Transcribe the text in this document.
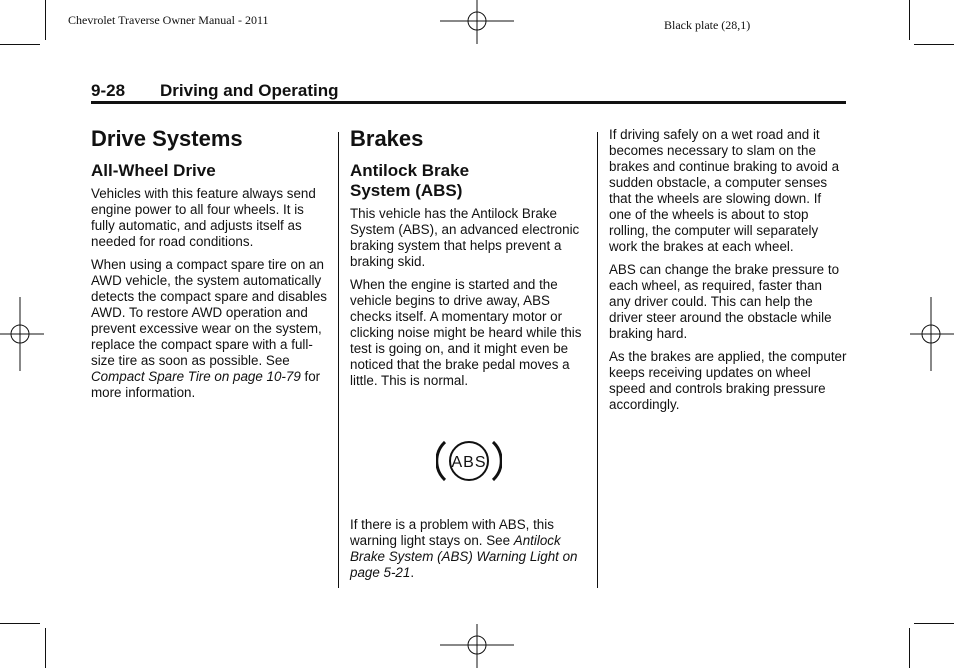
Chevrolet Traverse Owner Manual - 2011	Black plate (28,1)
9-28 Driving and Operating
Drive Systems
All-Wheel Drive

Vehicles with this feature always send engine power to all four wheels. It is fully automatic, and adjusts itself as needed for road conditions.

When using a compact spare tire on an AWD vehicle, the system automatically detects the compact spare and disables AWD. To restore AWD operation and prevent excessive wear on the system, replace the compact spare with a full-size tire as soon as possible. See Compact Spare Tire on page 10-79 for more information.

Brakes
Antilock Brake System (ABS)

This vehicle has the Antilock Brake System (ABS), an advanced electronic braking system that helps prevent a braking skid.

When the engine is started and the vehicle begins to drive away, ABS checks itself. A momentary motor or clicking noise might be heard while this test is going on, and it might even be noticed that the brake pedal moves a little. This is normal.

ABS

If there is a problem with ABS, this warning light stays on. See Antilock Brake System (ABS) Warning Light on page 5-21.

If driving safely on a wet road and it becomes necessary to slam on the brakes and continue braking to avoid a sudden obstacle, a computer senses that the wheels are slowing down. If one of the wheels is about to stop rolling, the computer will separately work the brakes at each wheel.

ABS can change the brake pressure to each wheel, as required, faster than any driver could. This can help the driver steer around the obstacle while braking hard.

As the brakes are applied, the computer keeps receiving updates on wheel speed and controls braking pressure accordingly.
